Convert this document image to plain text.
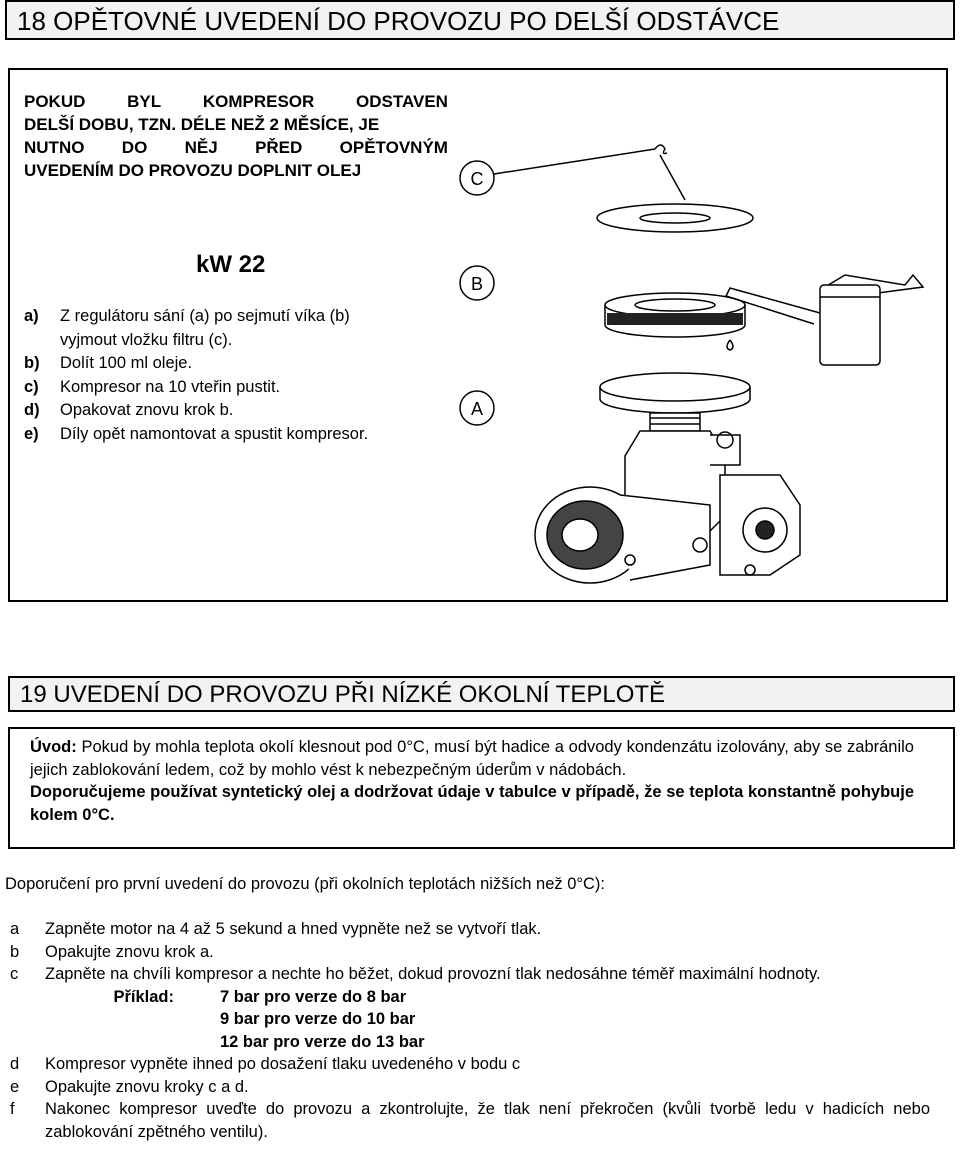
18 OPĚTOVNÉ UVEDENÍ DO PROVOZU PO DELŠÍ ODSTÁVCE
POKUD BYL KOMPRESOR ODSTAVEN
DELŠÍ DOBU, TZN. DÉLE NEŽ 2 MĚSÍCE, JE
NUTNO DO NĚJ PŘED OPĚTOVNÝM
UVEDENÍM DO PROVOZU DOPLNIT OLEJ
kW 22
a)	Z regulátoru sání (a) po sejmutí víka (b)
vyjmout vložku filtru (c).
b)	Dolít 100 ml oleje.
c)	Kompresor na 10 vteřin pustit.
d)	Opakovat znovu krok b.
e)	Díly opět namontovat a spustit kompresor.
C
B
A
19 UVEDENÍ DO PROVOZU PŘI NÍZKÉ OKOLNÍ TEPLOTĚ
Úvod: Pokud by mohla teplota okolí klesnout pod 0°C, musí být hadice a odvody kondenzátu izolovány, aby se zabránilo jejich zablokování ledem, což by mohlo vést k nebezpečným úderům v nádobách.
Doporučujeme používat syntetický olej a dodržovat údaje v tabulce v případě, že se teplota konstantně pohybuje kolem 0°C.
Doporučení pro první uvedení do provozu (při okolních teplotách nižších než 0°C):
a	Zapněte motor na 4 až 5 sekund a hned vypněte než se vytvoří tlak.
b	Opakujte znovu krok a.
c	Zapněte na chvíli kompresor a nechte ho běžet, dokud provozní tlak nedosáhne téměř maximální hodnoty.
Příklad:	7 bar pro verze do 8 bar
9 bar pro verze do 10 bar
12 bar pro verze do 13 bar
d	Kompresor vypněte ihned po dosažení tlaku uvedeného v bodu c
e	Opakujte znovu kroky c a d.
f	Nakonec kompresor uveďte do provozu a zkontrolujte, že tlak není překročen (kvůli tvorbě ledu v hadicích nebo zablokování zpětného ventilu).
